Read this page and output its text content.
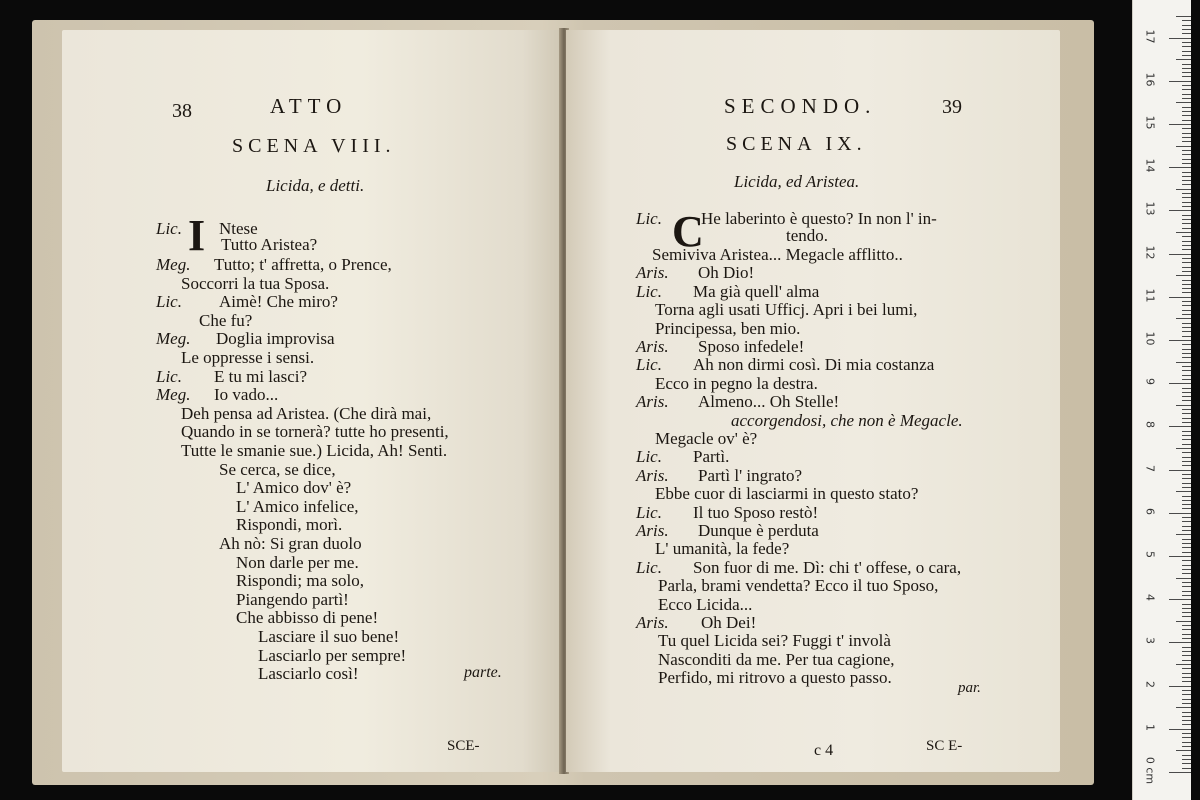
38	ATTO
SCENA VIII.
Licida, e detti.
I
Lic. Ntese
Tutto Aristea?
Meg. Tutto; t' affretta, o Prence,
Soccorri la tua Sposa.
Lic. Aimè! Che miro?
Che fu?
Meg. Doglia improvisa
Le oppresse i sensi.
Lic. E tu mi lasci?
Meg. Io vado...
Deh pensa ad Aristea. (Che dirà mai,
Quando in se tornerà? tutte ho presenti,
Tutte le smanie sue.) Licida, Ah! Senti.
Se cerca, se dice,
L' Amico dov' è?
L' Amico infelice,
Rispondi, morì.
Ah nò: Si gran duolo
Non darle per me.
Rispondi; ma solo,
Piangendo partì!
Che abbisso di pene!
Lasciare il suo bene!
Lasciarlo per sempre!
Lasciarlo così!	parte.
SCE-
SECONDO.	39
SCENA IX.
Licida, ed Aristea.
C
Lic. He laberinto è questo? In non l' in-
tendo.
Semiviva Aristea... Megacle afflitto..
Aris. Oh Dio!
Lic. Ma già quell' alma
Torna agli usati Ufficj. Apri i bei lumi,
Principessa, ben mio.
Aris. Sposo infedele!
Lic. Ah non dirmi così. Di mia costanza
Ecco in pegno la destra.
Aris. Almeno... Oh Stelle!
accorgendosi, che non è Megacle.
Megacle ov' è?
Lic. Partì.
Aris. Partì l' ingrato?
Ebbe cuor di lasciarmi in questo stato?
Lic. Il tuo Sposo restò!
Aris. Dunque è perduta
L' umanità, la fede?
Lic. Son fuor di me. Dì: chi t' offese, o cara,
Parla, brami vendetta? Ecco il tuo Sposo,
Ecco Licida...
Aris. Oh Dei!
Tu quel Licida sei? Fuggi t' involà
Nasconditi da me. Per tua cagione,
Perfido, mi ritrovo a questo passo.
par.
c 4	SC E-
0 cm
1
2
3
4
5
6
7
8
9
10
11
12
13
14
15
16
17
